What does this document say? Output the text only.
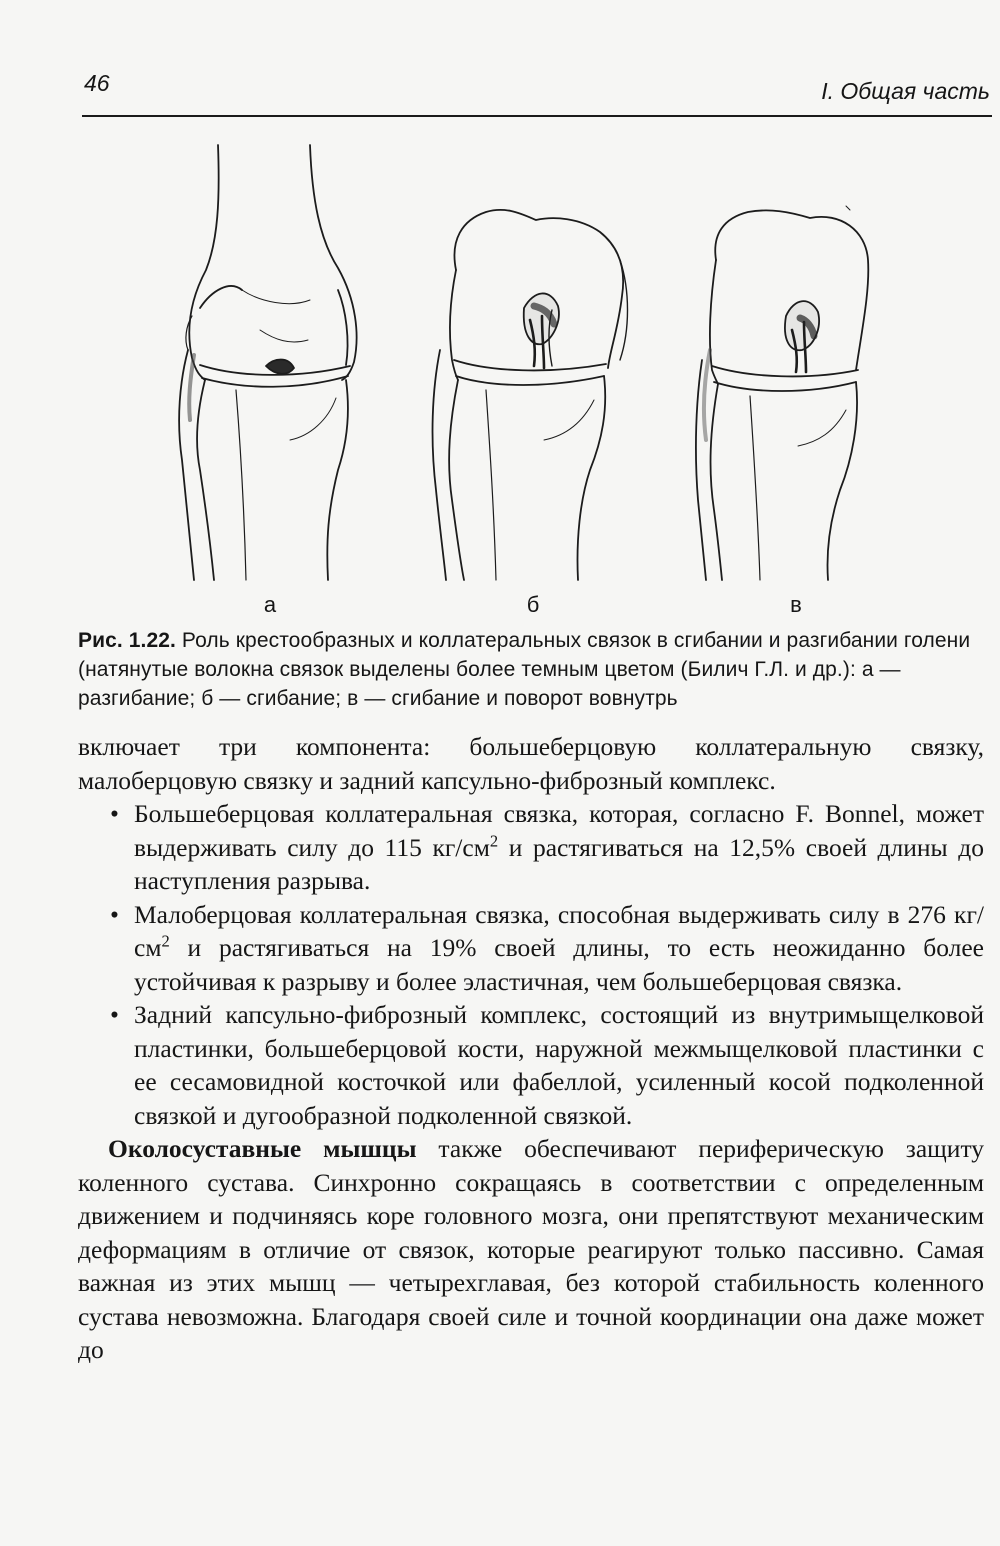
46	I. Общая часть
а	б	в
Рис. 1.22. Роль крестообразных и коллатеральных связок в сгибании и разгибании голени (натянутые волокна связок выделены более темным цветом (Билич Г.Л. и др.): а — разгибание; б — сгибание; в — сгибание и поворот вовнутрь

включает три компонента: большеберцовую коллатеральную связку, малоберцовую связку и задний капсульно-фиброзный комплекс.

• Большеберцовая коллатеральная связка, которая, согласно F. Bonnel, может выдерживать силу до 115 $кг/см^2$ и растягиваться на 12,5% своей длины до наступления разрыва.
• Малоберцовая коллатеральная связка, способная выдерживать силу в 276 $кг/см^2$ и растягиваться на 19% своей длины, то есть неожиданно более устойчивая к разрыву и более эластичная, чем большеберцовая связка.
• Задний капсульно-фиброзный комплекс, состоящий из внутримыщелковой пластинки, большеберцовой кости, наружной межмыщелковой пластинки с ее сесамовидной косточкой или фабеллой, усиленный косой подколенной связкой и дугообразной подколенной связкой.

Околосуставные мышцы также обеспечивают периферическую защиту коленного сустава. Синхронно сокращаясь в соответствии с определенным движением и подчиняясь коре головного мозга, они препятствуют механическим деформациям в отличие от связок, которые реагируют только пассивно. Самая важная из этих мышц — четырехглавая, без которой стабильность коленного сустава невозможна. Благодаря своей силе и точной координации она даже может до
